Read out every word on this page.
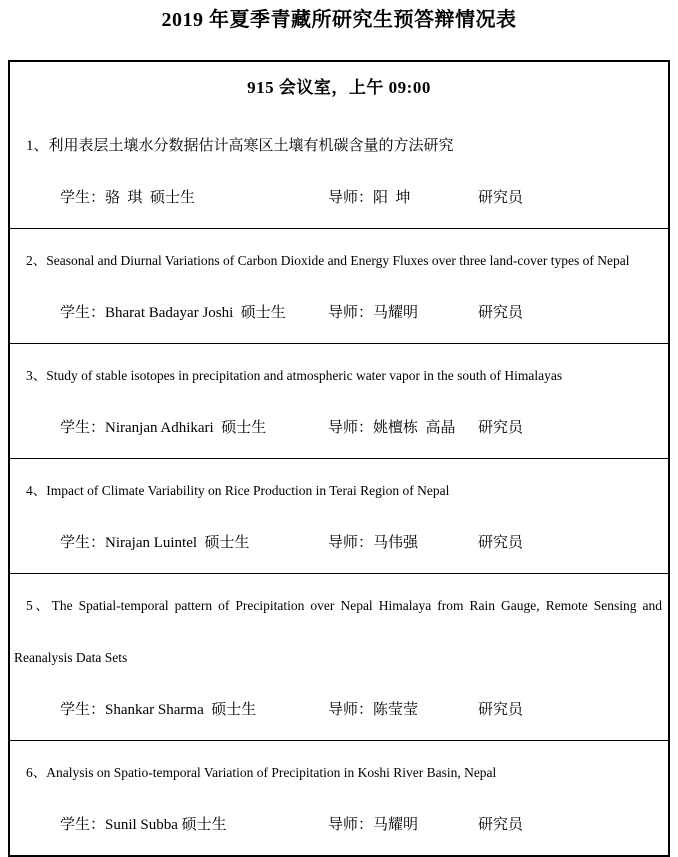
2019 年夏季青藏所研究生预答辩情况表
915 会议室，上午 09:00

1、利用表层土壤水分数据估计高寒区土壤有机碳含量的方法研究

学生：骆  琪  硕士生	导师：阳  坤	研究员

2、Seasonal and Diurnal Variations of Carbon Dioxide and Energy Fluxes over three land-cover types of Nepal

学生：Bharat Badayar Joshi  硕士生	导师：马耀明	研究员

3、Study of stable isotopes in precipitation and atmospheric water vapor in the south of Himalayas

学生：Niranjan Adhikari  硕士生	导师：姚檀栋  高晶	研究员

4、Impact of Climate Variability on Rice Production in Terai Region of Nepal

学生：Nirajan Luintel  硕士生	导师：马伟强	研究员

5、The Spatial-temporal pattern of Precipitation over Nepal Himalaya from Rain Gauge, Remote Sensing and Reanalysis Data Sets

学生：Shankar Sharma  硕士生	导师：陈莹莹	研究员

6、Analysis on Spatio-temporal Variation of Precipitation in Koshi River Basin, Nepal

学生：Sunil Subba 硕士生	导师：马耀明	研究员
